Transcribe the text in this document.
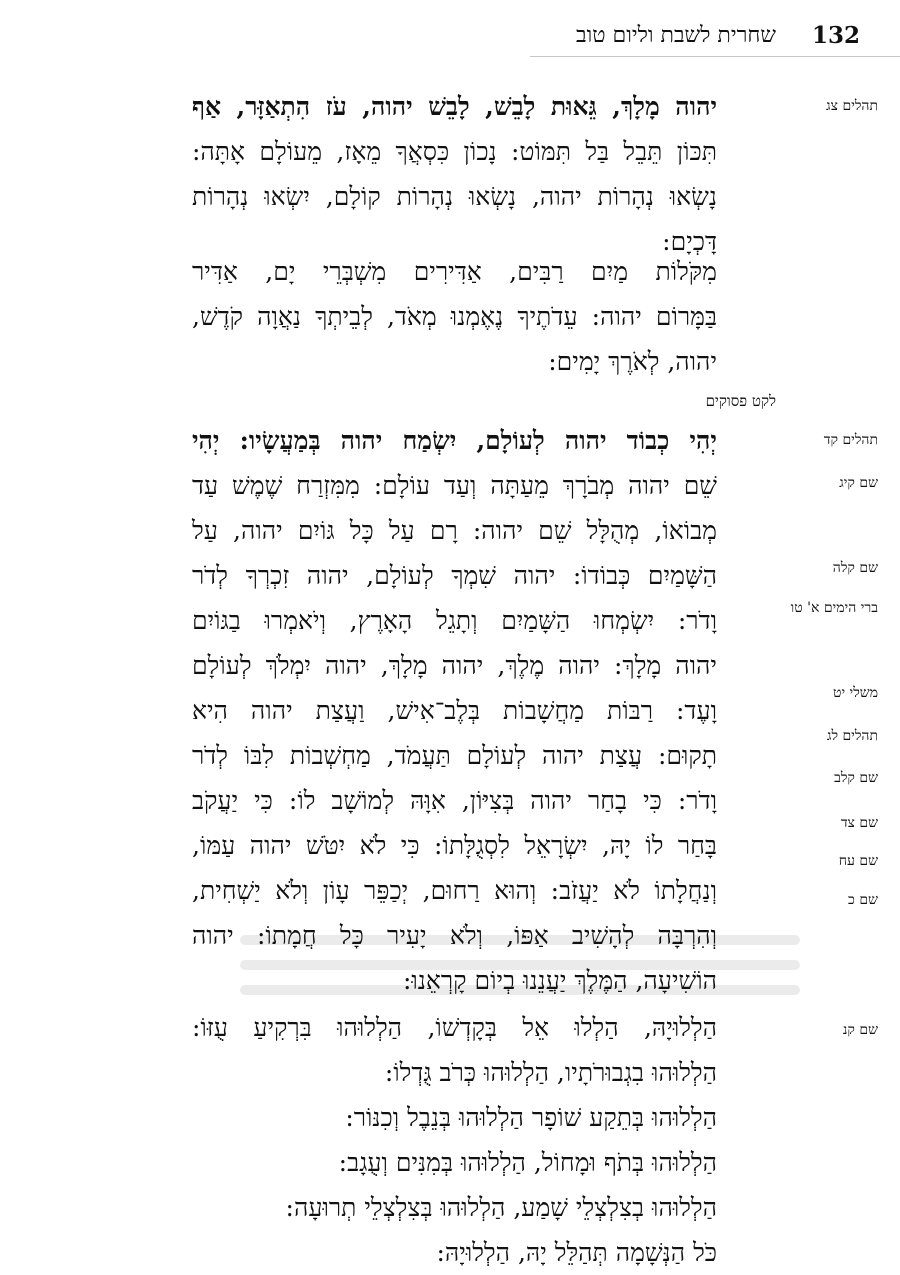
132
שחרית לשבת וליום טוב
תהלים צג
תהלים קד
שם קיג
שם קלה
ברי הימים א' טו
משלי יט
תהלים לג
שם קלב
שם צד
שם עח
שם כ
שם קנ
יהוה מָלָךְ, גֵּאוּת לָבֵשׁ, לָבֵשׁ יהוה, עֹז הִתְאַזָּר, אַף
תִּכּוֹן תֵּבֵל בַּל תִּמּוֹט: נָכוֹן כִּסְאֲךָ מֵאָז, מֵעוֹלָם אָתָּה:
נָשְׂאוּ נְהָרוֹת יהוה, נָשְׂאוּ נְהָרוֹת קוֹלָם, יִשְׂאוּ נְהָרוֹת
דָּכְיָם:
מִקֹּלוֹת מַיִם רַבִּים, אַדִּירִים מִשְׁבְּרֵי יָם, אַדִּיר
בַּמָּרוֹם יהוה: עֵדֹתֶיךָ נֶאֶמְנוּ מְאֹד, לְבֵיתְךָ נַאֲוָה קֹדֶשׁ,
יהוה, לְאֹרֶךְ יָמִים:
לקט פסוקים
יְהִי כְבוֹד יהוה לְעוֹלָם, יִשְׂמַח יהוה בְּמַעֲשָׂיו: יְהִי
שֵׁם יהוה מְבֹרָךְ מֵעַתָּה וְעַד עוֹלָם: מִמִּזְרַח שֶׁמֶשׁ עַד
מְבוֹאוֹ, מְהֻלָּל שֵׁם יהוה: רָם עַל כָּל גּוֹיִם יהוה, עַל
הַשָּׁמַיִם כְּבוֹדוֹ: יהוה שִׁמְךָ לְעוֹלָם, יהוה זִכְרְךָ לְדֹר
וָדֹר: יִשְׂמְחוּ הַשָּׁמַיִם וְתָגֵל הָאָרֶץ, וְיֹאמְרוּ בַגּוֹיִם
יהוה מָלָךְ: יהוה מֶלֶךְ, יהוה מָלָךְ, יהוה יִמְלֹךְ לְעוֹלָם
וָעֶד: רַבּוֹת מַחֲשָׁבוֹת בְּלֶב־אִישׁ, וַעֲצַת יהוה הִיא
תָקוּם: עֲצַת יהוה לְעוֹלָם תַּעֲמֹד, מַחְשְׁבוֹת לִבּוֹ לְדֹר
וָדֹר: כִּי בָחַר יהוה בְּצִיּוֹן, אִוָּהּ לְמוֹשָׁב לוֹ: כִּי יַעֲקֹב
בָּחַר לוֹ יָהּ, יִשְׂרָאֵל לִסְגֻלָּתוֹ: כִּי לֹא יִטֹּשׁ יהוה עַמּוֹ,
וְנַחֲלָתוֹ לֹא יַעֲזֹב: וְהוּא רַחוּם, יְכַפֵּר עָוֹן וְלֹא יַשְׁחִית,
וְהִרְבָּה לְהָשִׁיב אַפּוֹ, וְלֹא יָעִיר כָּל חֲמָתוֹ: יהוה
הוֹשִׁיעָה, הַמֶּלֶךְ יַעֲנֵנוּ בְיוֹם קָרְאֵנוּ:
הַלְלוּיָהּ, הַלְלוּ אֵל בְּקָדְשׁוֹ, הַלְלוּהוּ בִּרְקִיעַ עֻזּוֹ:
הַלְלוּהוּ בִגְבוּרֹתָיו, הַלְלוּהוּ כְּרֹב גֻּדְלוֹ:
הַלְלוּהוּ בְּתֵקַע שׁוֹפָר הַלְלוּהוּ בְּנֵבֶל וְכִנּוֹר:
הַלְלוּהוּ בְּתֹף וּמָחוֹל, הַלְלוּהוּ בְּמִנִּים וְעֻגָב:
הַלְלוּהוּ בְצִלְצְלֵי שָׁמַע, הַלְלוּהוּ בְּצִלְצְלֵי תְרוּעָה:
כֹּל הַנְּשָׁמָה תְּהַלֵּל יָהּ, הַלְלוּיָהּ:
